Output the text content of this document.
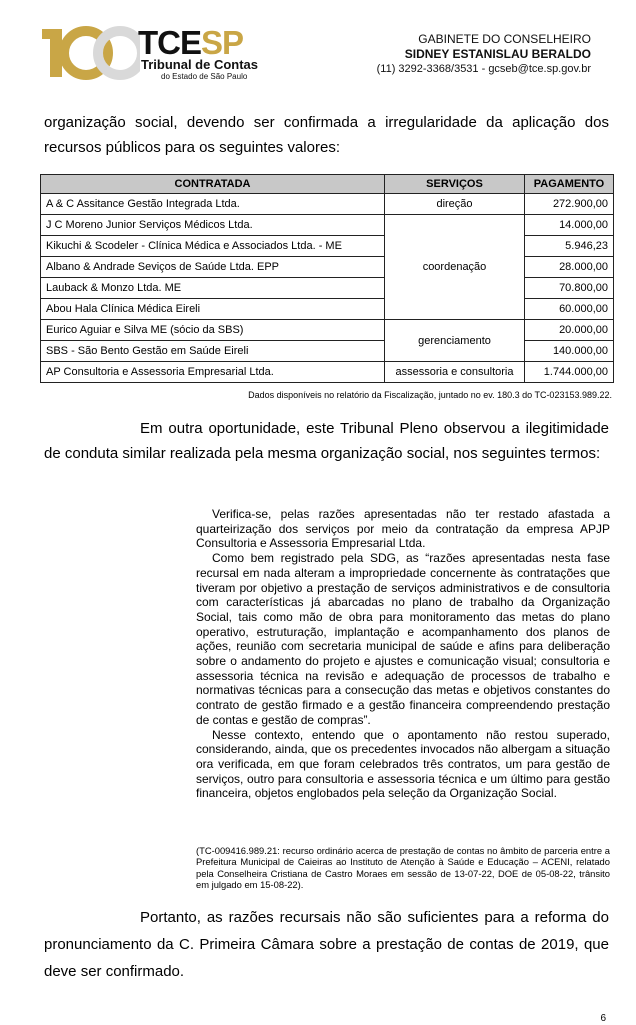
TCESP
Tribunal de Contas
do Estado de São Paulo
GABINETE DO CONSELHEIRO
SIDNEY ESTANISLAU BERALDO
(11) 3292-3368/3531 - gcseb@tce.sp.gov.br
organização social, devendo ser confirmada a irregularidade da aplicação dos recursos públicos para os seguintes valores:
CONTRATADA	SERVIÇOS	PAGAMENTO
A & C Assitance Gestão Integrada Ltda.	direção	272.900,00
J C Moreno Junior Serviços Médicos Ltda.	coordenação	14.000,00
Kikuchi & Scodeler - Clínica Médica e Associados Ltda. - ME		5.946,23
Albano & Andrade Seviços de Saúde Ltda. EPP		28.000,00
Lauback & Monzo Ltda. ME		70.800,00
Abou Hala Clínica Médica Eireli		60.000,00
Eurico Aguiar e Silva ME (sócio da SBS)	gerenciamento	20.000,00
SBS - São Bento Gestão em Saúde Eireli		140.000,00
AP Consultoria e Assessoria Empresarial Ltda.	assessoria e consultoria	1.744.000,00
Dados disponíveis no relatório da Fiscalização, juntado no ev. 180.3 do TC-023153.989.22.
Em outra oportunidade, este Tribunal Pleno observou a ilegitimidade de conduta similar realizada pela mesma organização social, nos seguintes termos:

Verifica-se, pelas razões apresentadas não ter restado afastada a quarteirização dos serviços por meio da contratação da empresa APJP Consultoria e Assessoria Empresarial Ltda.

Como bem registrado pela SDG, as “razões apresentadas nesta fase recursal em nada alteram a impropriedade concernente às contratações que tiveram por objetivo a prestação de serviços administrativos e de consultoria com características já abarcadas no plano de trabalho da Organização Social, tais como mão de obra para monitoramento das metas do plano operativo, estruturação, implantação e acompanhamento dos planos de ações, reunião com secretaria municipal de saúde e afins para deliberação sobre o andamento do projeto e ajustes e comunicação visual; consultoria e assessoria técnica na revisão e adequação de processos de trabalho e normativas técnicas para a consecução das metas e objetivos constantes do contrato de gestão firmado e a gestão financeira compreendendo prestação de contas e gestão de compras”.

Nesse contexto, entendo que o apontamento não restou superado, considerando, ainda, que os precedentes invocados não albergam a situação ora verificada, em que foram celebrados três contratos, um para gestão de serviços, outro para consultoria e assessoria técnica e um último para gestão financeira, objetos englobados pela seleção da Organização Social.

(TC-009416.989.21: recurso ordinário acerca de prestação de contas no âmbito de parceria entre a Prefeitura Municipal de Caieiras ao Instituto de Atenção à Saúde e Educação – ACENI, relatado pela Conselheira Cristiana de Castro Moraes em sessão de 13-07-22, DOE de 05-08-22, trânsito em julgado em 15-08-22).
Portanto, as razões recursais não são suficientes para a reforma do pronunciamento da C. Primeira Câmara sobre a prestação de contas de 2019, que deve ser confirmado.
6
